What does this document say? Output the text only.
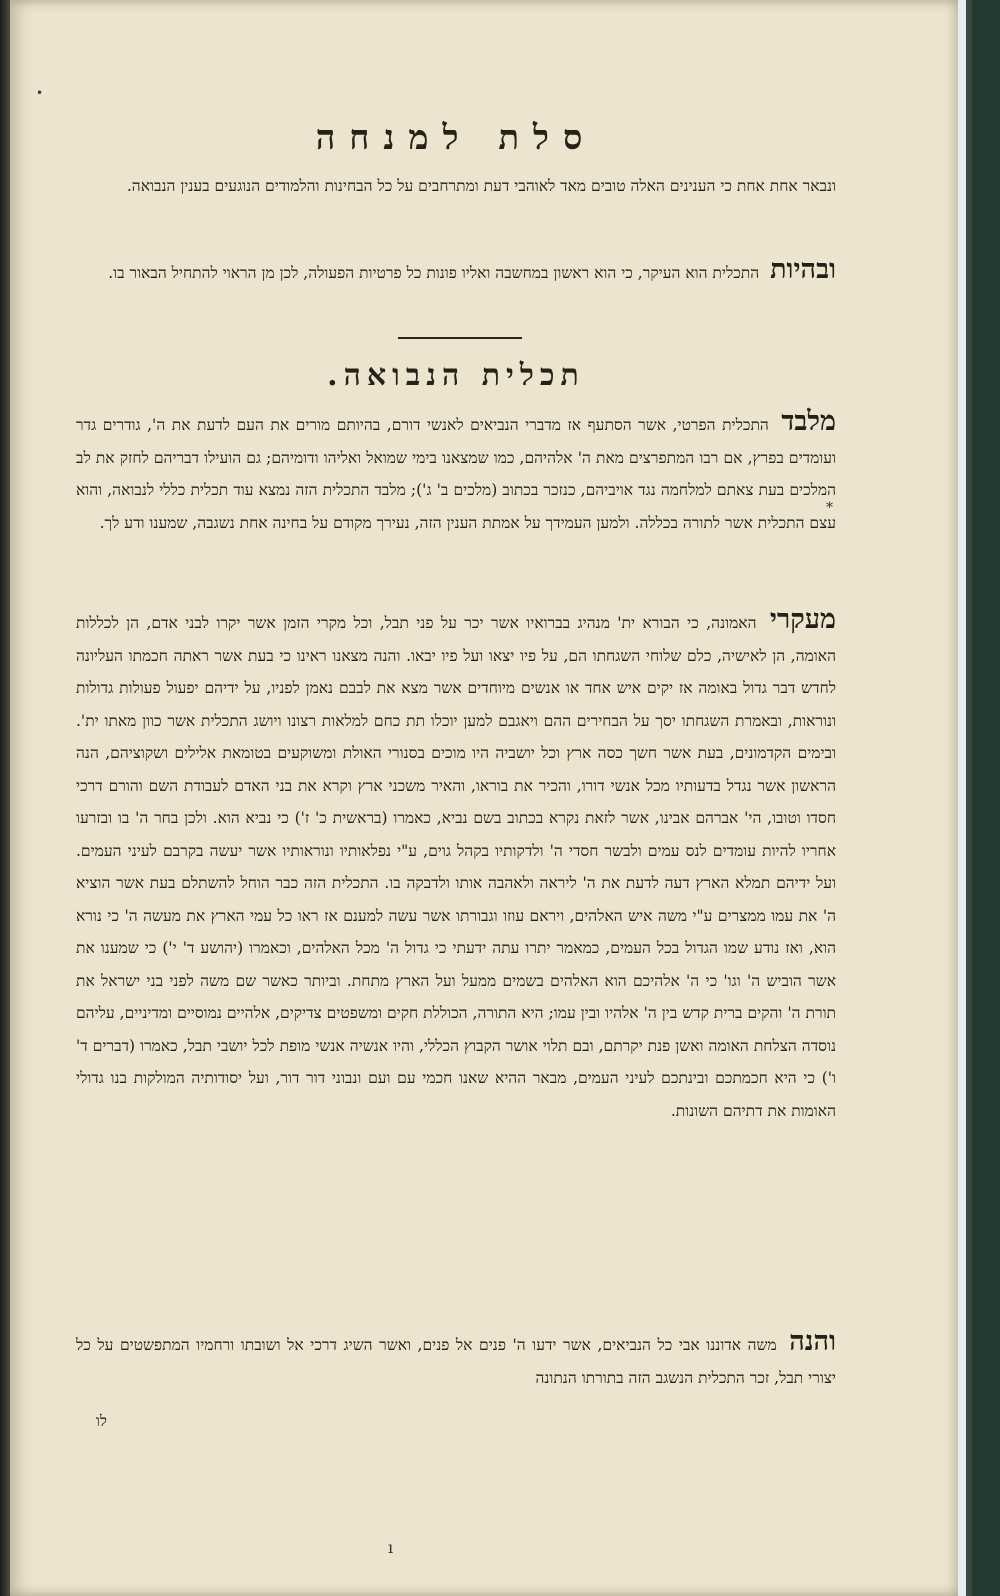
•
*
ı
סלת למנחה
ונבאר אחת אחת כי הענינים האלה טובים מאד לאוהבי דעת ומתרחבים על כל הבחינות והלמודים הנוגעים בענין הנבואה.
ובהיות התכלית הוא העיקר, כי הוא ראשון במחשבה ואליו פונות כל פרטיות הפעולה, לכן מן הראוי להתחיל הבאור בו.
תכלית הנבואה.
מלבד התכלית הפרטי, אשר הסתעף אז מדברי הנביאים לאנשי דורם, בהיותם מורים את העם לדעת את ה', גודרים גדר ועומדים בפרץ, אם רבו המתפרצים מאת ה' אלהיהם, כמו שמצאנו בימי שמואל ואליהו ודומיהם; גם הועילו דבריהם לחזק את לב המלכים בעת צאתם למלחמה נגד אויביהם, כנזכר בכתוב (מלכים ב' ג'); מלבד התכלית הזה נמצא עוד תכלית כללי לנבואה, והוא עצם התכלית אשר לתורה בכללה. ולמען העמידך על אמתת הענין הזה, נעירך מקודם על בחינה אחת נשגבה, שמענו ודע לך.
מעקרי האמונה, כי הבורא ית' מנהיג בברואיו אשר יכר על פני תבל, וכל מקרי הזמן אשר יקרו לבני אדם, הן לכללות האומה, הן לאישיה, כלם שלוחי השגחתו הם, על פיו יצאו ועל פיו יבאו. והנה מצאנו ראינו כי בעת אשר ראתה חכמתו העליונה לחדש דבר גדול באומה אז יקים איש אחד או אנשים מיוחדים אשר מצא את לבבם נאמן לפניו, על ידיהם יפעול פעולות גדולות ונוראות, ובאמרת השגחתו יסך על הבחירים ההם ויאגבם למען יוכלו תת כחם למלאות רצונו ויושג התכלית אשר כוון מאתו ית'. ובימים הקדמונים, בעת אשר חשך כסה ארץ וכל יושביה היו מוכים בסנורי האולת ומשוקעים בטומאת אלילים ושקוציהם, הנה הראשון אשר נגדל בדעותיו מכל אנשי דורו, והכיר את בוראו, והאיר משכני ארץ וקרא את בני האדם לעבודת השם והורם דרכי חסדו וטובו, הי' אברהם אבינו, אשר לזאת נקרא בכתוב בשם נביא, כאמרו (בראשית כ' ז') כי נביא הוא. ולכן בחר ה' בו ובזרעו אחריו להיות עומדים לנס עמים ולבשר חסדי ה' ולדקותיו בקהל גוים, ע"י נפלאותיו ונוראותיו אשר יעשה בקרבם לעיני העמים. ועל ידיהם תמלא הארץ דעה לדעת את ה' ליראה ולאהבה אותו ולדבקה בו. התכלית הזה כבר הוחל להשתלם בעת אשר הוציא ה' את עמו ממצרים ע"י משה איש האלהים, ויראם עוזו וגבורתו אשר עשה למענם אז ראו כל עמי הארץ את מעשה ה' כי נורא הוא, ואז נודע שמו הגדול בכל העמים, כמאמר יתרו עתה ידעתי כי גדול ה' מכל האלהים, וכאמרו (יהושע ד' י') כי שמענו את אשר הוביש ה' וגו' כי ה' אלהיכם הוא האלהים בשמים ממעל ועל הארץ מתחת. וביותר כאשר שם משה לפני בני ישראל את תורת ה' והקים ברית קדש בין ה' אלהיו ובין עמו; היא התורה, הכוללת חקים ומשפטים צדיקים, אלהיים נמוסיים ומדיניים, עליהם נוסדה הצלחת האומה ואשן פנת יקרתם, ובם תלוי אושר הקבוץ הכללי, והיו אנשיה אנשי מופת לכל יושבי תבל, כאמרו (דברים ד' ו') כי היא חכמתכם ובינתכם לעיני העמים, מבאר ההיא שאנו חכמי עם ועם ונבוני דור דור, ועל יסודותיה המולקות בנו גדולי האומות את דתיהם השונות.
והנה משה אדוננו אבי כל הנביאים, אשר ידעו ה' פנים אל פנים, ואשר השיג דרכי אל ושובתו ורחמיו המתפשטים על כל יצורי תבל, זכר התכלית הנשגב הזה בתורתו הנתונה
לו
